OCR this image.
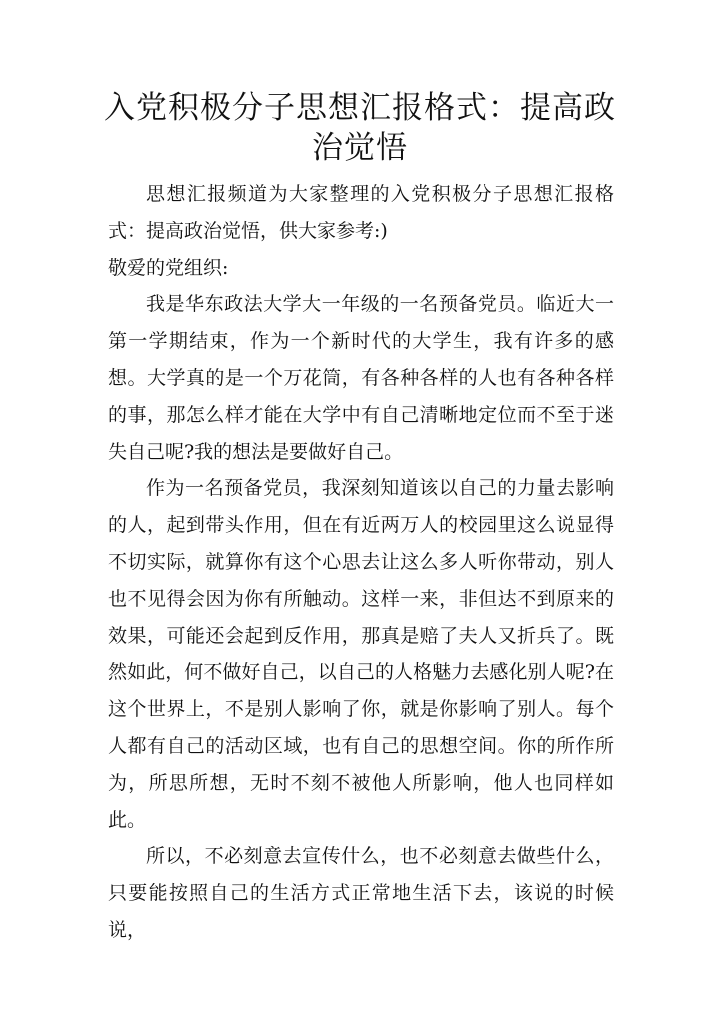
入党积极分子思想汇报格式：提高政治觉悟

思想汇报频道为大家整理的入党积极分子思想汇报格式：提高政治觉悟，供大家参考:)

敬爱的党组织:

我是华东政法大学大一年级的一名预备党员。临近大一第一学期结束，作为一个新时代的大学生，我有许多的感想。大学真的是一个万花筒，有各种各样的人也有各种各样的事，那怎么样才能在大学中有自己清晰地定位而不至于迷失自己呢?我的想法是要做好自己。

作为一名预备党员，我深刻知道该以自己的力量去影响的人，起到带头作用，但在有近两万人的校园里这么说显得不切实际，就算你有这个心思去让这么多人听你带动，别人也不见得会因为你有所触动。这样一来，非但达不到原来的效果，可能还会起到反作用，那真是赔了夫人又折兵了。既然如此，何不做好自己，以自己的人格魅力去感化别人呢?在这个世界上，不是别人影响了你，就是你影响了别人。每个人都有自己的活动区域，也有自己的思想空间。你的所作所为，所思所想，无时不刻不被他人所影响，他人也同样如此。

所以，不必刻意去宣传什么，也不必刻意去做些什么，只要能按照自己的生活方式正常地生活下去，该说的时候说，
